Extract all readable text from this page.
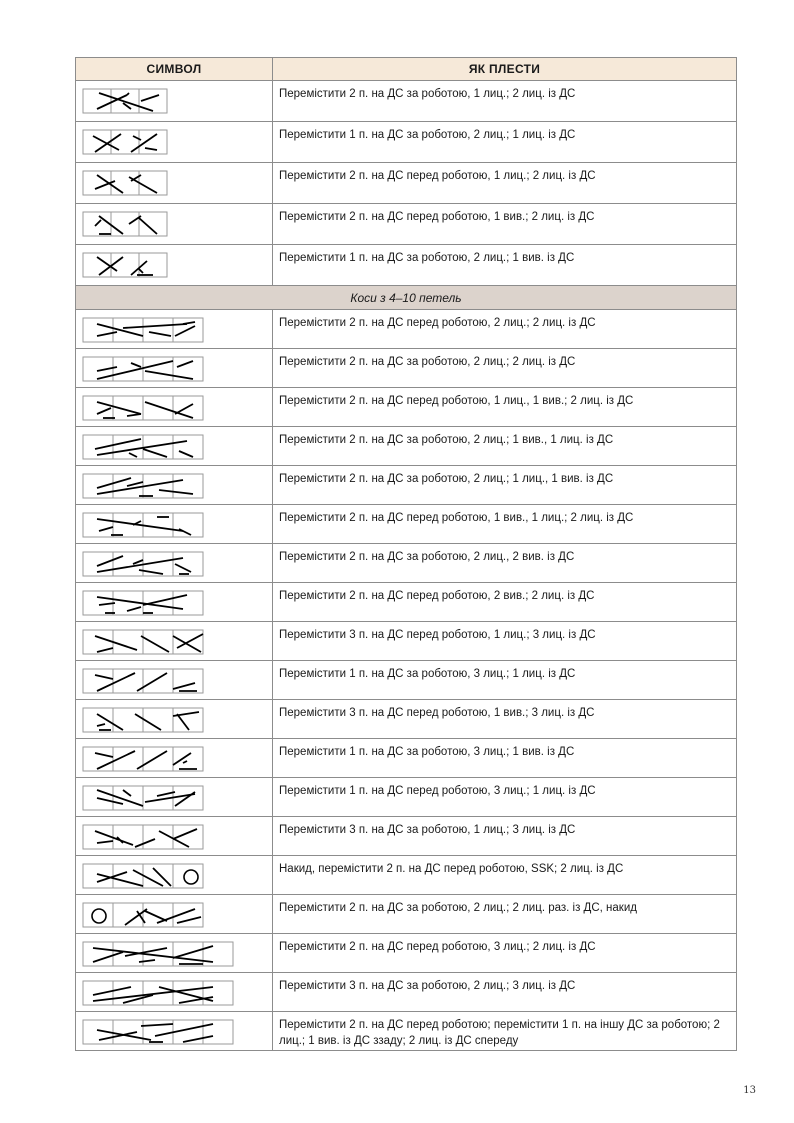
СИМВОЛ	ЯК ПЛЕСТИ

	Перемістити 2 п. на ДС за роботою, 1 лиц.; 2 лиц. із ДС

	Перемістити 1 п. на ДС за роботою, 2 лиц.; 1 лиц. із ДС

	Перемістити 2 п. на ДС перед роботою, 1 лиц.; 2 лиц. із ДС

	Перемістити 2 п. на ДС перед роботою, 1 вив.; 2 лиц. із ДС

	Перемістити 1 п. на ДС за роботою, 2 лиц.; 1 вив. із ДС
Коси з 4–10 петель	

	Перемістити 2 п. на ДС перед роботою, 2 лиц.; 2 лиц. із ДС

	Перемістити 2 п. на ДС за роботою, 2 лиц.; 2 лиц. із ДС

	Перемістити 2 п. на ДС перед роботою, 1 лиц., 1 вив.; 2 лиц. із ДС

	Перемістити 2 п. на ДС за роботою, 2 лиц.; 1 вив., 1 лиц. із ДС

	Перемістити 2 п. на ДС за роботою, 2 лиц.; 1 лиц., 1 вив. із ДС

	Перемістити 2 п. на ДС перед роботою, 1 вив., 1 лиц.; 2 лиц. із ДС

	Перемістити 2 п. на ДС за роботою, 2 лиц., 2 вив. із ДС

	Перемістити 2 п. на ДС перед роботою, 2 вив.; 2 лиц. із ДС

	Перемістити 3 п. на ДС перед роботою, 1 лиц.; 3 лиц. із ДС

	Перемістити 1 п. на ДС за роботою, 3 лиц.; 1 лиц. із ДС

	Перемістити 3 п. на ДС перед роботою, 1 вив.; 3 лиц. із ДС

	Перемістити 1 п. на ДС за роботою, 3 лиц.; 1 вив. із ДС

	Перемістити 1 п. на ДС перед роботою, 3 лиц.; 1 лиц. із ДС

	Перемістити 3 п. на ДС за роботою, 1 лиц.; 3 лиц. із ДС

	Накид, перемістити 2 п. на ДС перед роботою, SSK; 2 лиц. із ДС

	Перемістити 2 п. на ДС за роботою, 2 лиц.; 2 лиц. раз. із ДС, накид

	Перемістити 2 п. на ДС перед роботою, 3 лиц.; 2 лиц. із ДС

	Перемістити 3 п. на ДС за роботою, 2 лиц.; 3 лиц. із ДС

	Перемістити 2 п. на ДС перед роботою; перемістити 1 п. на іншу ДС за роботою; 2 лиц.; 1 вив. із ДС ззаду; 2 лиц. із ДС спереду
13
